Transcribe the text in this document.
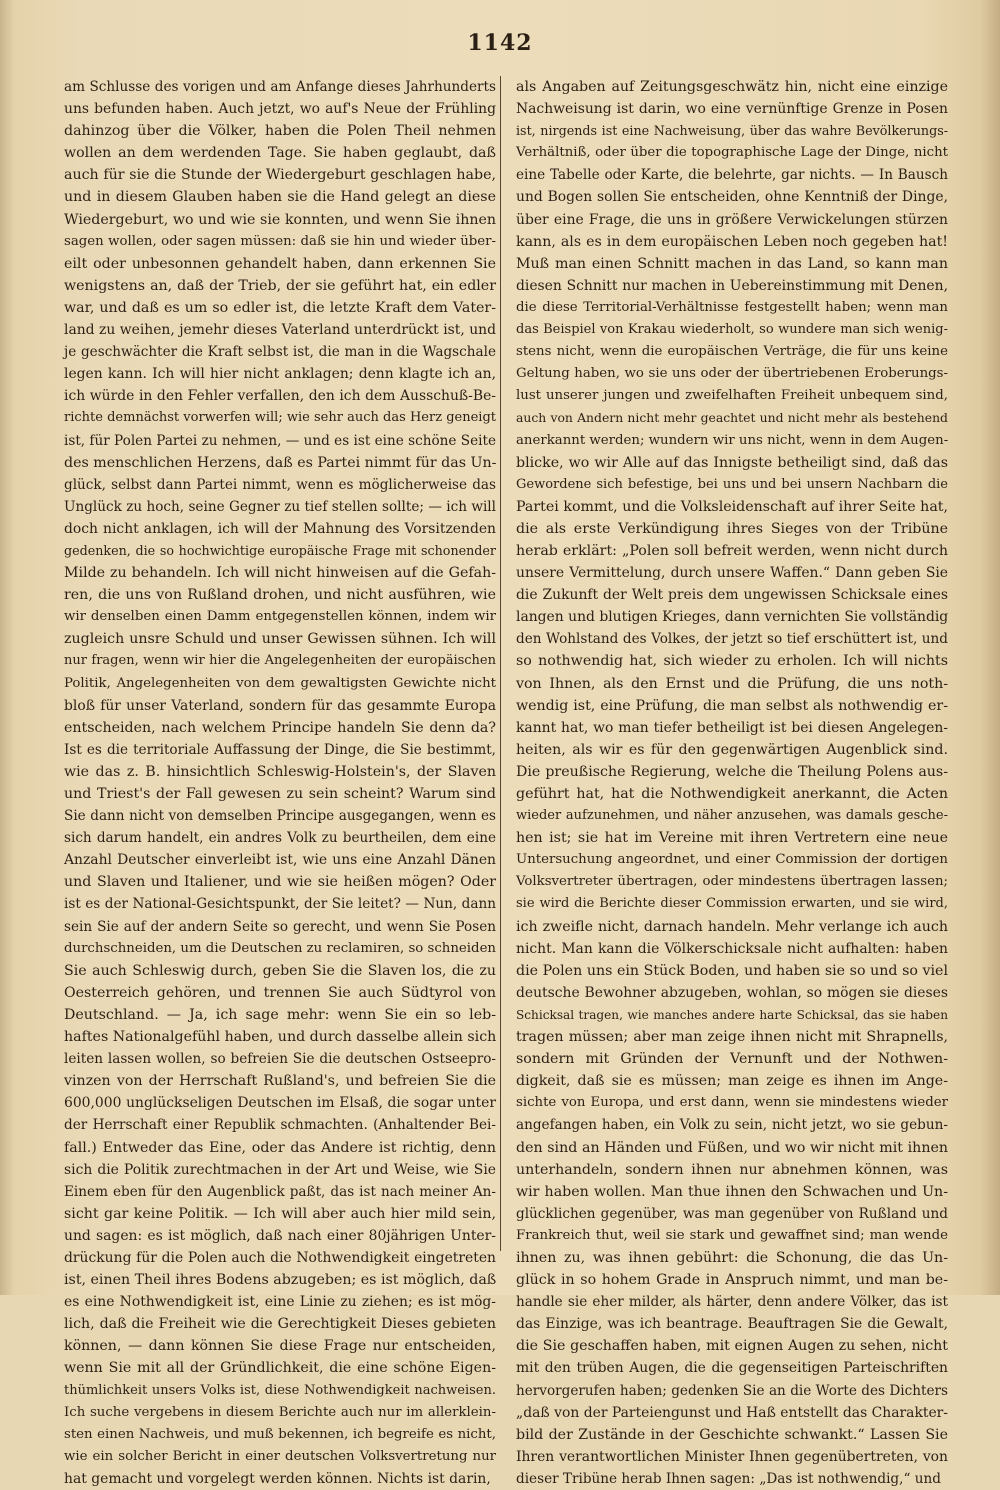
1142
am Schlusse des vorigen und am Anfange dieses Jahrhunderts
uns befunden haben. Auch jetzt, wo auf's Neue der Frühling
dahinzog über die Völker, haben die Polen Theil nehmen
wollen an dem werdenden Tage. Sie haben geglaubt, daß
auch für sie die Stunde der Wiedergeburt geschlagen habe,
und in diesem Glauben haben sie die Hand gelegt an diese
Wiedergeburt, wo und wie sie konnten, und wenn Sie ihnen
sagen wollen, oder sagen müssen: daß sie hin und wieder über-
eilt oder unbesonnen gehandelt haben, dann erkennen Sie
wenigstens an, daß der Trieb, der sie geführt hat, ein edler
war, und daß es um so edler ist, die letzte Kraft dem Vater-
land zu weihen, jemehr dieses Vaterland unterdrückt ist, und
je geschwächter die Kraft selbst ist, die man in die Wagschale
legen kann. Ich will hier nicht anklagen; denn klagte ich an,
ich würde in den Fehler verfallen, den ich dem Ausschuß-Be-
richte demnächst vorwerfen will; wie sehr auch das Herz geneigt
ist, für Polen Partei zu nehmen, — und es ist eine schöne Seite
des menschlichen Herzens, daß es Partei nimmt für das Un-
glück, selbst dann Partei nimmt, wenn es möglicherweise das
Unglück zu hoch, seine Gegner zu tief stellen sollte; — ich will
doch nicht anklagen, ich will der Mahnung des Vorsitzenden
gedenken, die so hochwichtige europäische Frage mit schonender
Milde zu behandeln. Ich will nicht hinweisen auf die Gefah-
ren, die uns von Rußland drohen, und nicht ausführen, wie
wir denselben einen Damm entgegenstellen können, indem wir
zugleich unsre Schuld und unser Gewissen sühnen. Ich will
nur fragen, wenn wir hier die Angelegenheiten der europäischen
Politik, Angelegenheiten von dem gewaltigsten Gewichte nicht
bloß für unser Vaterland, sondern für das gesammte Europa
entscheiden, nach welchem Principe handeln Sie denn da?
Ist es die territoriale Auffassung der Dinge, die Sie bestimmt,
wie das z. B. hinsichtlich Schleswig-Holstein's, der Slaven
und Triest's der Fall gewesen zu sein scheint? Warum sind
Sie dann nicht von demselben Principe ausgegangen, wenn es
sich darum handelt, ein andres Volk zu beurtheilen, dem eine
Anzahl Deutscher einverleibt ist, wie uns eine Anzahl Dänen
und Slaven und Italiener, und wie sie heißen mögen? Oder
ist es der National-Gesichtspunkt, der Sie leitet? — Nun, dann
sein Sie auf der andern Seite so gerecht, und wenn Sie Posen
durchschneiden, um die Deutschen zu reclamiren, so schneiden
Sie auch Schleswig durch, geben Sie die Slaven los, die zu
Oesterreich gehören, und trennen Sie auch Südtyrol von
Deutschland. — Ja, ich sage mehr: wenn Sie ein so leb-
haftes Nationalgefühl haben, und durch dasselbe allein sich
leiten lassen wollen, so befreien Sie die deutschen Ostseepro-
vinzen von der Herrschaft Rußland's, und befreien Sie die
600,000 unglückseligen Deutschen im Elsaß, die sogar unter
der Herrschaft einer Republik schmachten. (Anhaltender Bei-
fall.) Entweder das Eine, oder das Andere ist richtig, denn
sich die Politik zurechtmachen in der Art und Weise, wie Sie
Einem eben für den Augenblick paßt, das ist nach meiner An-
sicht gar keine Politik. — Ich will aber auch hier mild sein,
und sagen: es ist möglich, daß nach einer 80jährigen Unter-
drückung für die Polen auch die Nothwendigkeit eingetreten
ist, einen Theil ihres Bodens abzugeben; es ist möglich, daß
es eine Nothwendigkeit ist, eine Linie zu ziehen; es ist mög-
lich, daß die Freiheit wie die Gerechtigkeit Dieses gebieten
können, — dann können Sie diese Frage nur entscheiden,
wenn Sie mit all der Gründlichkeit, die eine schöne Eigen-
thümlichkeit unsers Volks ist, diese Nothwendigkeit nachweisen.
Ich suche vergebens in diesem Berichte auch nur im allerklein-
sten einen Nachweis, und muß bekennen, ich begreife es nicht,
wie ein solcher Bericht in einer deutschen Volksvertretung nur
hat gemacht und vorgelegt werden können. Nichts ist darin,
als Angaben auf Zeitungsgeschwätz hin, nicht eine einzige
Nachweisung ist darin, wo eine vernünftige Grenze in Posen
ist, nirgends ist eine Nachweisung, über das wahre Bevölkerungs-
Verhältniß, oder über die topographische Lage der Dinge, nicht
eine Tabelle oder Karte, die belehrte, gar nichts. — In Bausch
und Bogen sollen Sie entscheiden, ohne Kenntniß der Dinge,
über eine Frage, die uns in größere Verwickelungen stürzen
kann, als es in dem europäischen Leben noch gegeben hat!
Muß man einen Schnitt machen in das Land, so kann man
diesen Schnitt nur machen in Uebereinstimmung mit Denen,
die diese Territorial-Verhältnisse festgestellt haben; wenn man
das Beispiel von Krakau wiederholt, so wundere man sich wenig-
stens nicht, wenn die europäischen Verträge, die für uns keine
Geltung haben, wo sie uns oder der übertriebenen Eroberungs-
lust unserer jungen und zweifelhaften Freiheit unbequem sind,
auch von Andern nicht mehr geachtet und nicht mehr als bestehend
anerkannt werden; wundern wir uns nicht, wenn in dem Augen-
blicke, wo wir Alle auf das Innigste betheiligt sind, daß das
Gewordene sich befestige, bei uns und bei unsern Nachbarn die
Partei kommt, und die Volksleidenschaft auf ihrer Seite hat,
die als erste Verkündigung ihres Sieges von der Tribüne
herab erklärt: „Polen soll befreit werden, wenn nicht durch
unsere Vermittelung, durch unsere Waffen.“ Dann geben Sie
die Zukunft der Welt preis dem ungewissen Schicksale eines
langen und blutigen Krieges, dann vernichten Sie vollständig
den Wohlstand des Volkes, der jetzt so tief erschüttert ist, und
so nothwendig hat, sich wieder zu erholen. Ich will nichts
von Ihnen, als den Ernst und die Prüfung, die uns noth-
wendig ist, eine Prüfung, die man selbst als nothwendig er-
kannt hat, wo man tiefer betheiligt ist bei diesen Angelegen-
heiten, als wir es für den gegenwärtigen Augenblick sind.
Die preußische Regierung, welche die Theilung Polens aus-
geführt hat, hat die Nothwendigkeit anerkannt, die Acten
wieder aufzunehmen, und näher anzusehen, was damals gesche-
hen ist; sie hat im Vereine mit ihren Vertretern eine neue
Untersuchung angeordnet, und einer Commission der dortigen
Volksvertreter übertragen, oder mindestens übertragen lassen;
sie wird die Berichte dieser Commission erwarten, und sie wird,
ich zweifle nicht, darnach handeln. Mehr verlange ich auch
nicht. Man kann die Völkerschicksale nicht aufhalten: haben
die Polen uns ein Stück Boden, und haben sie so und so viel
deutsche Bewohner abzugeben, wohlan, so mögen sie dieses
Schicksal tragen, wie manches andere harte Schicksal, das sie haben
tragen müssen; aber man zeige ihnen nicht mit Shrapnells,
sondern mit Gründen der Vernunft und der Nothwen-
digkeit, daß sie es müssen; man zeige es ihnen im Ange-
sichte von Europa, und erst dann, wenn sie mindestens wieder
angefangen haben, ein Volk zu sein, nicht jetzt, wo sie gebun-
den sind an Händen und Füßen, und wo wir nicht mit ihnen
unterhandeln, sondern ihnen nur abnehmen können, was
wir haben wollen. Man thue ihnen den Schwachen und Un-
glücklichen gegenüber, was man gegenüber von Rußland und
Frankreich thut, weil sie stark und gewaffnet sind; man wende
ihnen zu, was ihnen gebührt: die Schonung, die das Un-
glück in so hohem Grade in Anspruch nimmt, und man be-
handle sie eher milder, als härter, denn andere Völker, das ist
das Einzige, was ich beantrage. Beauftragen Sie die Gewalt,
die Sie geschaffen haben, mit eignen Augen zu sehen, nicht
mit den trüben Augen, die die gegenseitigen Parteischriften
hervorgerufen haben; gedenken Sie an die Worte des Dichters
„daß von der Parteiengunst und Haß entstellt das Charakter-
bild der Zustände in der Geschichte schwankt.“ Lassen Sie
Ihren verantwortlichen Minister Ihnen gegenübertreten, von
dieser Tribüne herab Ihnen sagen: „Das ist nothwendig,“ und
